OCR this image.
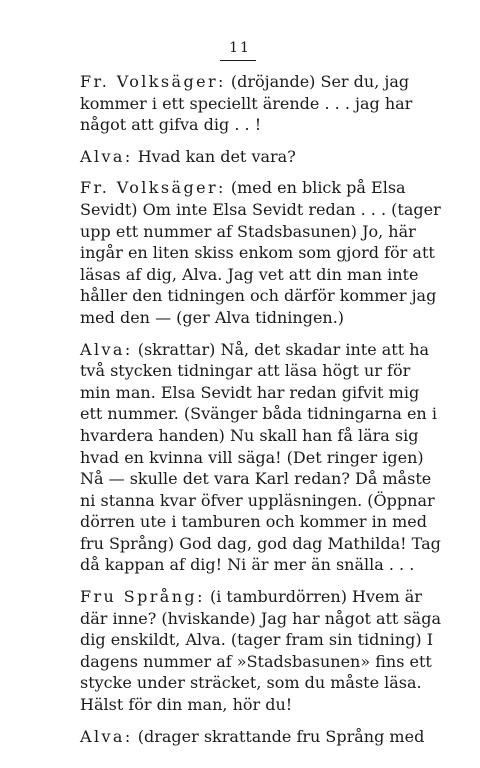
11

Fr. Volksäger: (dröjande) Ser du, jag kommer i ett speciellt ärende . . . jag har något att gifva dig . . !

Alva: Hvad kan det vara?

Fr. Volksäger: (med en blick på Elsa Sevidt) Om inte Elsa Sevidt redan . . . (tager upp ett nummer af Stadsbasunen) Jo, här ingår en liten skiss enkom som gjord för att läsas af dig, Alva. Jag vet att din man inte håller den tidningen och därför kommer jag med den — (ger Alva tidningen.)

Alva: (skrattar) Nå, det skadar inte att ha två stycken tidningar att läsa högt ur för min man. Elsa Sevidt har redan gifvit mig ett nummer. (Svänger båda tidningarna en i hvardera handen) Nu skall han få lära sig hvad en kvinna vill säga! (Det ringer igen) Nå — skulle det vara Karl redan? Då måste ni stanna kvar öfver uppläsningen. (Öppnar dörren ute i tamburen och kommer in med fru Språng) God dag, god dag Mathilda! Tag då kappan af dig! Ni är mer än snälla . . .

Fru Språng: (i tamburdörren) Hvem är där inne? (hviskande) Jag har något att säga dig enskildt, Alva. (tager fram sin tidning) I dagens nummer af »Stadsbasunen» fins ett stycke under sträcket, som du måste läsa. Hälst för din man, hör du!

Alva: (drager skrattande fru Språng med
